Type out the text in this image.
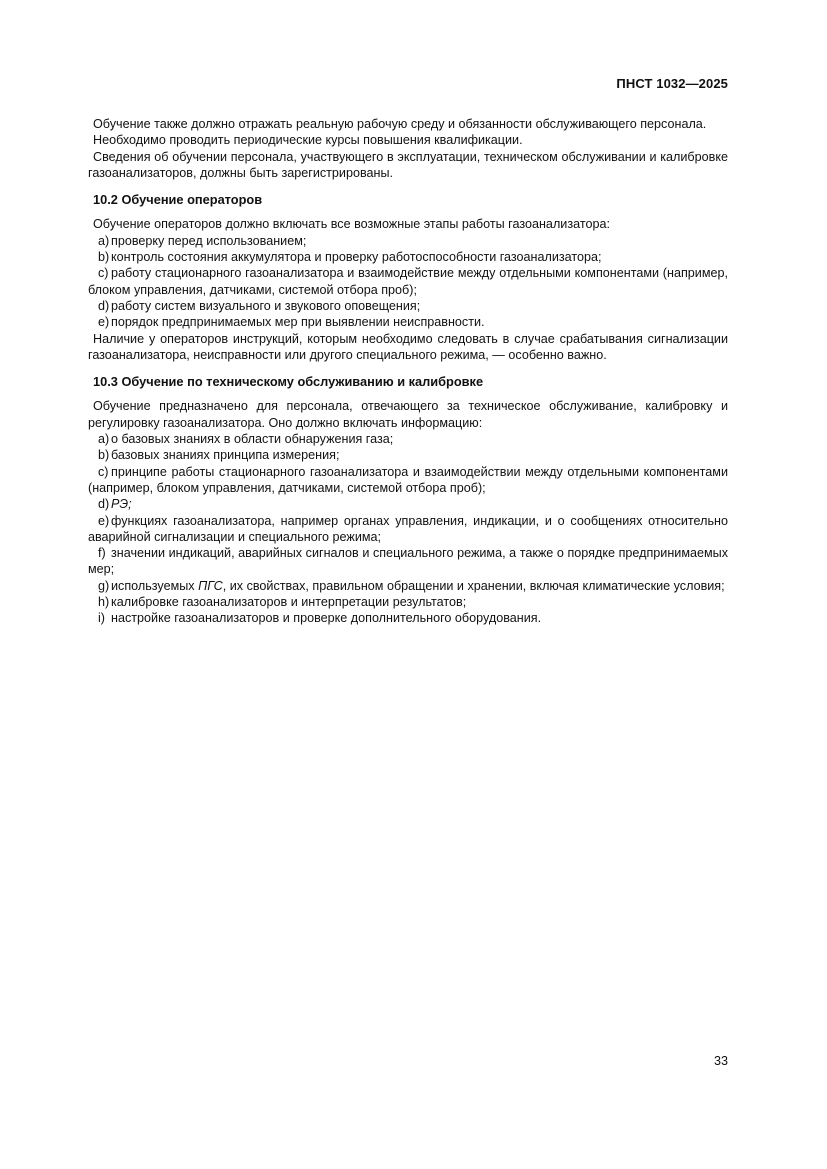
ПНСТ 1032—2025

Обучение также должно отражать реальную рабочую среду и обязанности обслуживающего персонала.

Необходимо проводить периодические курсы повышения квалификации.

Сведения об обучении персонала, участвующего в эксплуатации, техническом обслуживании и калибровке газоанализаторов, должны быть зарегистрированы.

10.2 Обучение операторов

Обучение операторов должно включать все возможные этапы работы газоанализатора:

а) проверку перед использованием;

b) контроль состояния аккумулятора и проверку работоспособности газоанализатора;

c) работу стационарного газоанализатора и взаимодействие между отдельными компонентами (например, блоком управления, датчиками, системой отбора проб);

d) работу систем визуального и звукового оповещения;

e) порядок предпринимаемых мер при выявлении неисправности.

Наличие у операторов инструкций, которым необходимо следовать в случае срабатывания сигнализации газоанализатора, неисправности или другого специального режима, — особенно важно.

10.3 Обучение по техническому обслуживанию и калибровке

Обучение предназначено для персонала, отвечающего за техническое обслуживание, калибровку и регулировку газоанализатора. Оно должно включать информацию:

а) о базовых знаниях в области обнаружения газа;

b) базовых знаниях принципа измерения;

c) принципе работы стационарного газоанализатора и взаимодействии между отдельными компонентами (например, блоком управления, датчиками, системой отбора проб);

d) РЭ;

e) функциях газоанализатора, например органах управления, индикации, и о сообщениях относительно аварийной сигнализации и специального режима;

f) значении индикаций, аварийных сигналов и специального режима, а также о порядке предпринимаемых мер;

g) используемых ПГС, их свойствах, правильном обращении и хранении, включая климатические условия;

h) калибровке газоанализаторов и интерпретации результатов;

i) настройке газоанализаторов и проверке дополнительного оборудования.

33
